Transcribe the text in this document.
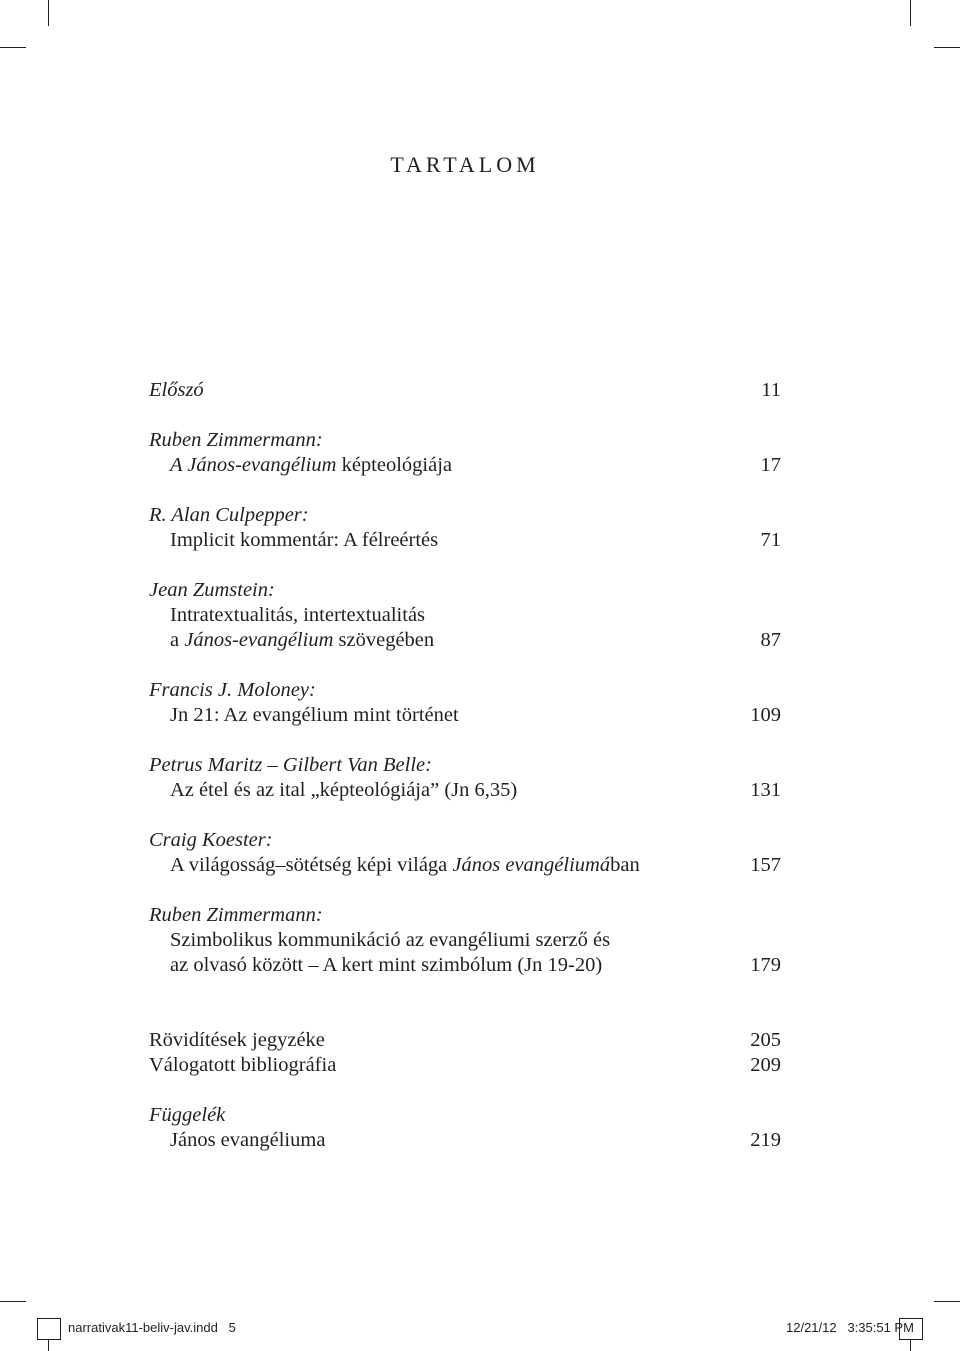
TARTALOM
Előszó	11
Ruben Zimmermann:
A János-evangélium képteológiája	17
R. Alan Culpepper:
Implicit kommentár: A félreértés	71
Jean Zumstein:
Intratextualitás, intertextualitás
a János-evangélium szövegében	87
Francis J. Moloney:
Jn 21: Az evangélium mint történet	109
Petrus Maritz – Gilbert Van Belle:
Az étel és az ital „képteológiája” (Jn 6,35)	131
Craig Koester:
A világosság–sötétség képi világa János evangéliumában	157
Ruben Zimmermann:
Szimbolikus kommunikáció az evangéliumi szerző és
az olvasó között – A kert mint szimbólum (Jn 19-20)	179
Rövidítések jegyzéke	205
Válogatott bibliográfia	209
Függelék
János evangéliuma	219
narrativak11-beliv-jav.indd   5	12/21/12   3:35:51 PM
